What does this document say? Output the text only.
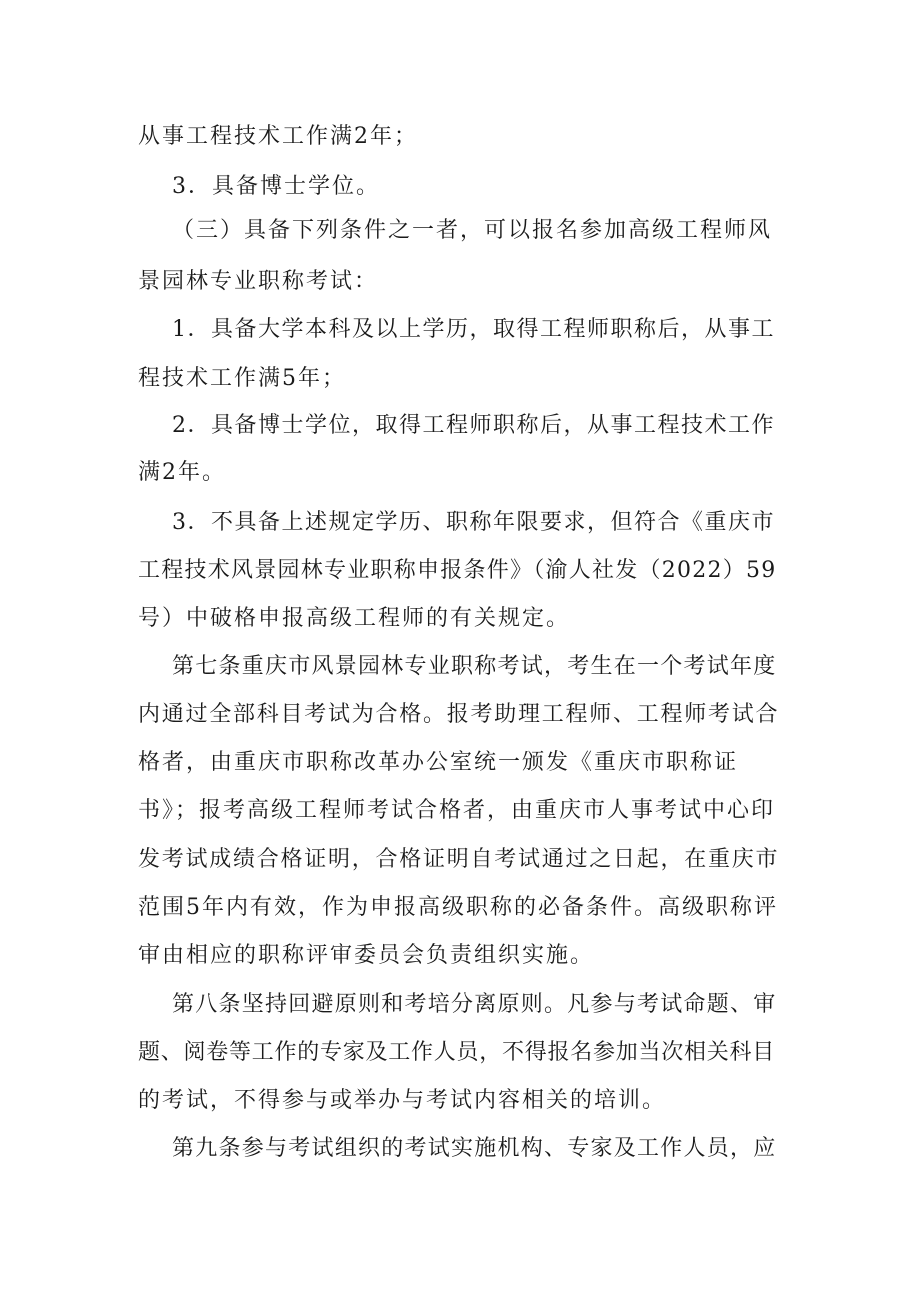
从事工程技术工作满2年；
3．具备博士学位。
（三）具备下列条件之一者，可以报名参加高级工程师风
景园林专业职称考试：
1．具备大学本科及以上学历，取得工程师职称后，从事工
程技术工作满5年；
2．具备博士学位，取得工程师职称后，从事工程技术工作
满2年。
3．不具备上述规定学历、职称年限要求，但符合《重庆市
工程技术风景园林专业职称申报条件》（渝人社发（2022）59
号）中破格申报高级工程师的有关规定。
第七条重庆市风景园林专业职称考试，考生在一个考试年度
内通过全部科目考试为合格。报考助理工程师、工程师考试合
格者，由重庆市职称改革办公室统一颁发《重庆市职称证
书》；报考高级工程师考试合格者，由重庆市人事考试中心印
发考试成绩合格证明，合格证明自考试通过之日起，在重庆市
范围5年内有效，作为申报高级职称的必备条件。高级职称评
审由相应的职称评审委员会负责组织实施。
第八条坚持回避原则和考培分离原则。凡参与考试命题、审
题、阅卷等工作的专家及工作人员，不得报名参加当次相关科目
的考试，不得参与或举办与考试内容相关的培训。
第九条参与考试组织的考试实施机构、专家及工作人员，应
